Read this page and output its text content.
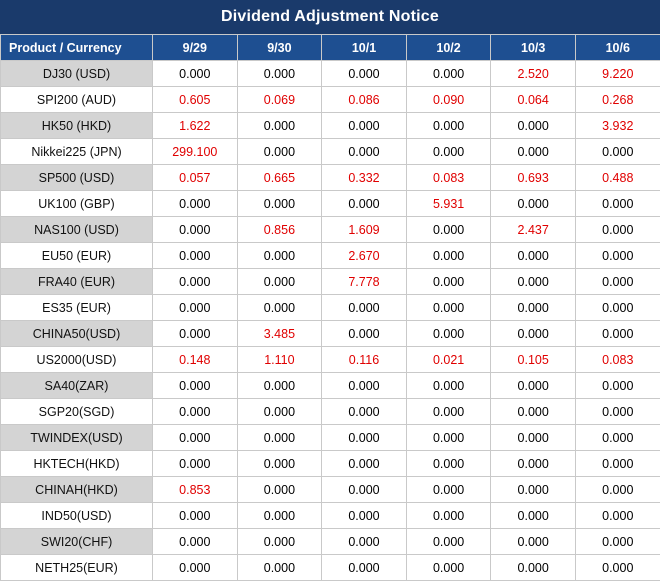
Dividend Adjustment Notice
Product / Currency	9/29	9/30	10/1	10/2	10/3	10/6
DJ30 (USD)	0.000	0.000	0.000	0.000	2.520	9.220
SPI200 (AUD)	0.605	0.069	0.086	0.090	0.064	0.268
HK50 (HKD)	1.622	0.000	0.000	0.000	0.000	3.932
Nikkei225 (JPN)	299.100	0.000	0.000	0.000	0.000	0.000
SP500 (USD)	0.057	0.665	0.332	0.083	0.693	0.488
UK100 (GBP)	0.000	0.000	0.000	5.931	0.000	0.000
NAS100 (USD)	0.000	0.856	1.609	0.000	2.437	0.000
EU50 (EUR)	0.000	0.000	2.670	0.000	0.000	0.000
FRA40 (EUR)	0.000	0.000	7.778	0.000	0.000	0.000
ES35 (EUR)	0.000	0.000	0.000	0.000	0.000	0.000
CHINA50(USD)	0.000	3.485	0.000	0.000	0.000	0.000
US2000(USD)	0.148	1.110	0.116	0.021	0.105	0.083
SA40(ZAR)	0.000	0.000	0.000	0.000	0.000	0.000
SGP20(SGD)	0.000	0.000	0.000	0.000	0.000	0.000
TWINDEX(USD)	0.000	0.000	0.000	0.000	0.000	0.000
HKTECH(HKD)	0.000	0.000	0.000	0.000	0.000	0.000
CHINAH(HKD)	0.853	0.000	0.000	0.000	0.000	0.000
IND50(USD)	0.000	0.000	0.000	0.000	0.000	0.000
SWI20(CHF)	0.000	0.000	0.000	0.000	0.000	0.000
NETH25(EUR)	0.000	0.000	0.000	0.000	0.000	0.000
